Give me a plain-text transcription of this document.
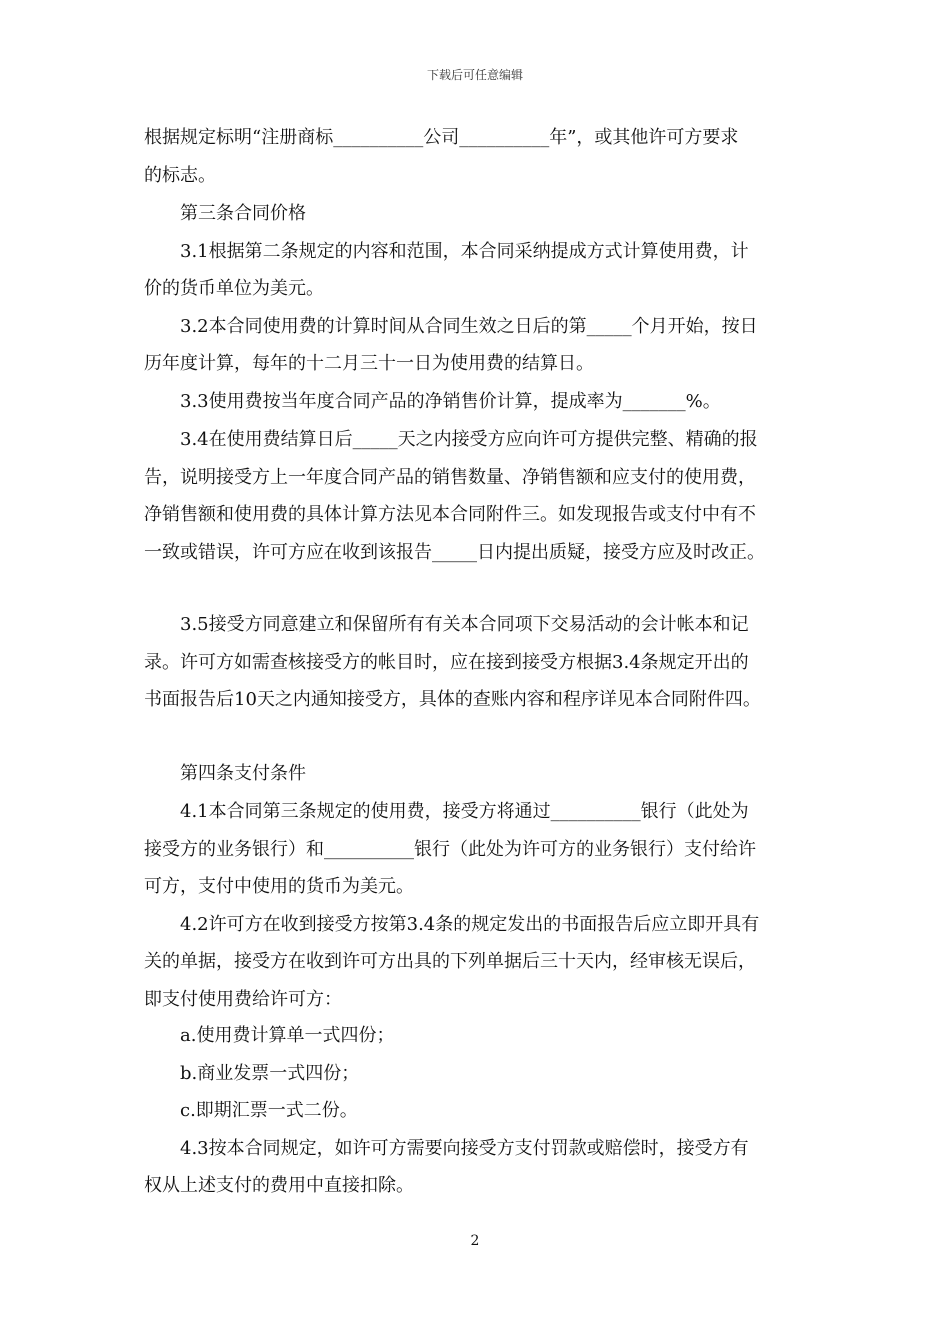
下载后可任意编辑
根据规定标明“注册商标__________公司__________年”，或其他许可方要求
的标志。
第三条合同价格
3.1根据第二条规定的内容和范围，本合同采纳提成方式计算使用费，计
价的货币单位为美元。
3.2本合同使用费的计算时间从合同生效之日后的第_____个月开始，按日
历年度计算，每年的十二月三十一日为使用费的结算日。
3.3使用费按当年度合同产品的净销售价计算，提成率为_______%。
3.4在使用费结算日后_____天之内接受方应向许可方提供完整、精确的报
告，说明接受方上一年度合同产品的销售数量、净销售额和应支付的使用费，
净销售额和使用费的具体计算方法见本合同附件三。如发现报告或支付中有不
一致或错误，许可方应在收到该报告_____日内提出质疑，接受方应及时改正。
3.5接受方同意建立和保留所有有关本合同项下交易活动的会计帐本和记
录。许可方如需查核接受方的帐目时，应在接到接受方根据3.4条规定开出的
书面报告后10天之内通知接受方，具体的查账内容和程序详见本合同附件四。
第四条支付条件
4.1本合同第三条规定的使用费，接受方将通过__________银行（此处为
接受方的业务银行）和__________银行（此处为许可方的业务银行）支付给许
可方，支付中使用的货币为美元。
4.2许可方在收到接受方按第3.4条的规定发出的书面报告后应立即开具有
关的单据，接受方在收到许可方出具的下列单据后三十天内，经审核无误后，
即支付使用费给许可方：
a.使用费计算单一式四份；
b.商业发票一式四份；
c.即期汇票一式二份。
4.3按本合同规定，如许可方需要向接受方支付罚款或赔偿时，接受方有
权从上述支付的费用中直接扣除。
2
